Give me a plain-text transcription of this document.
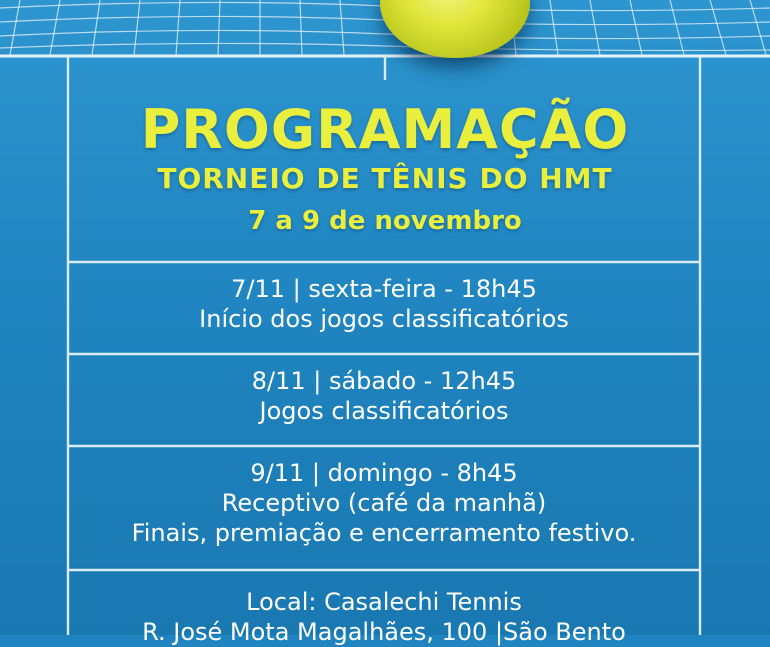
PROGRAMAÇÃO
TORNEIO DE TÊNIS DO HMT
7 a 9 de novembro
7/11 | sexta-feira - 18h45
Início dos jogos classificatórios
8/11 | sábado - 12h45
Jogos classificatórios
9/11 | domingo - 8h45
Receptivo (café da manhã)
Finais, premiação e encerramento festivo.
Local: Casalechi Tennis
R. José Mota Magalhães, 100 |São Bento
